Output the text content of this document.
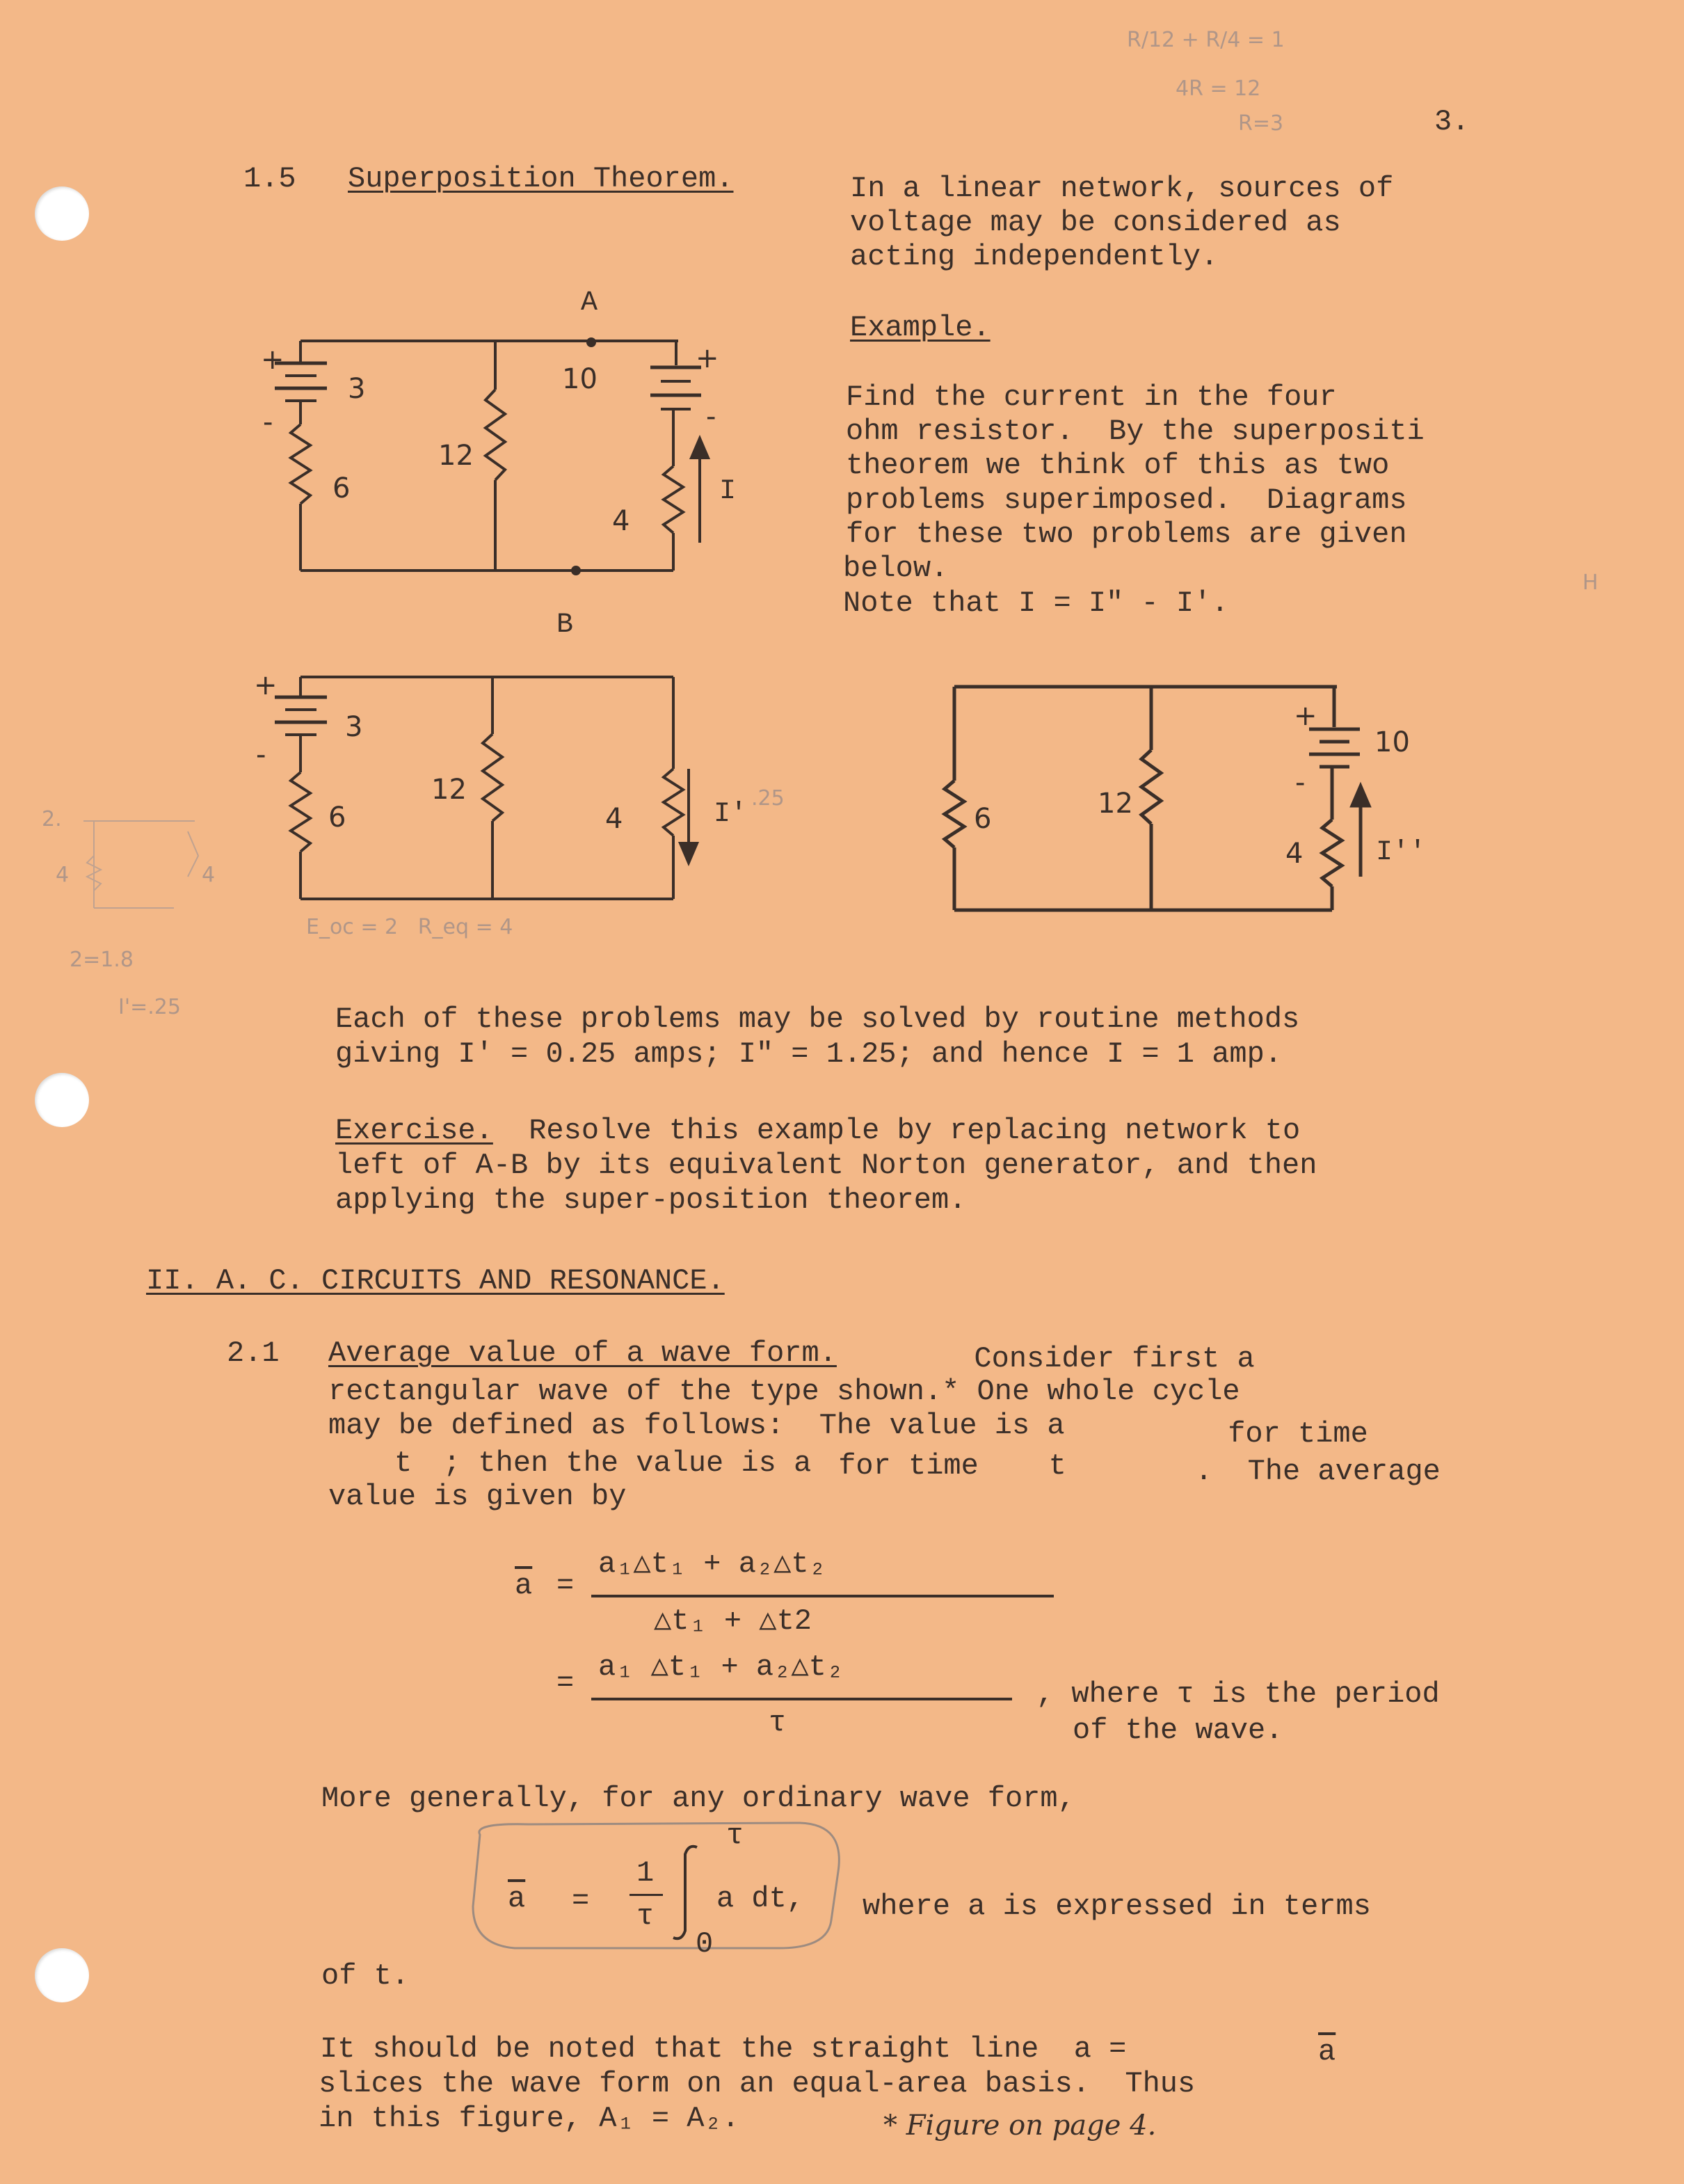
R/12 + R/4 = 1
4R = 12
R=3	3.
1.5 Superposition Theorem.	In a linear network, sources of
voltage may be considered as
acting independently.
Example.
Find the current in the four
ohm resistor.  By the superpositi
theorem we think of this as two
problems superimposed.  Diagrams
for these two problems are given
below.
Note that I = I" - I'.
A
B
+
-
3
6
12
10
+
-
4
I
+
-
3
6
12
4	I'
+
-
10
6	12
4	I''
2.
4	4
2=1.8
I'=.25
E_oc = 2   R_eq = 4
.25
H
Each of these problems may be solved by routine methods
giving I' = 0.25 amps; I" = 1.25; and hence I = 1 amp.
Exercise. Resolve this example by replacing network to
left of A-B by its equivalent Norton generator, and then
applying the super-position theorem.
II. A. C. CIRCUITS AND RESONANCE.
2.1 Average value of a wave form.	Consider first a
rectangular wave of the type shown.* One whole cycle
may be defined as follows:  The value is a	for time
t ; then the value is a for time    t	.  The average
value is given by
$\overline{a}$ =
a₁△t₁ + a₂△t₂
△t₁ + △t2
= a₁ △t₁ + a₂△t₂
τ
, where τ is the period
of the wave.
More generally, for any ordinary wave form,
$\overline{a}$ =
1
τ
τ
0
a dt, where a is expressed in terms
of t.
It should be noted that the straight line  a =	$\overline{a}$
slices the wave form on an equal-area basis.  Thus
in this figure, A₁ = A₂.	* Figure on page 4.
